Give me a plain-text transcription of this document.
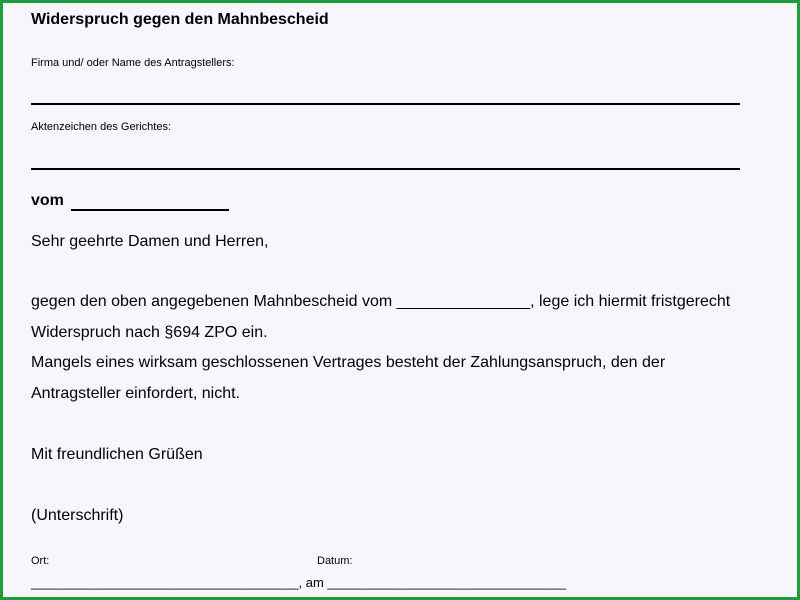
Widerspruch gegen den Mahnbescheid
Firma und/ oder Name des Antragstellers:
Aktenzeichen des Gerichtes:
vom
Sehr geehrte Damen und Herren,
gegen den oben angegebenen Mahnbescheid vom _______________, lege ich hiermit fristgerecht
Widerspruch nach §694 ZPO ein.
Mangels eines wirksam geschlossenen Vertrages besteht der Zahlungsanspruch, den der
Antragsteller einfordert, nicht.
Mit freundlichen Grüßen
(Unterschrift)
Ort:	Datum:
_____________________________________, am _________________________________
